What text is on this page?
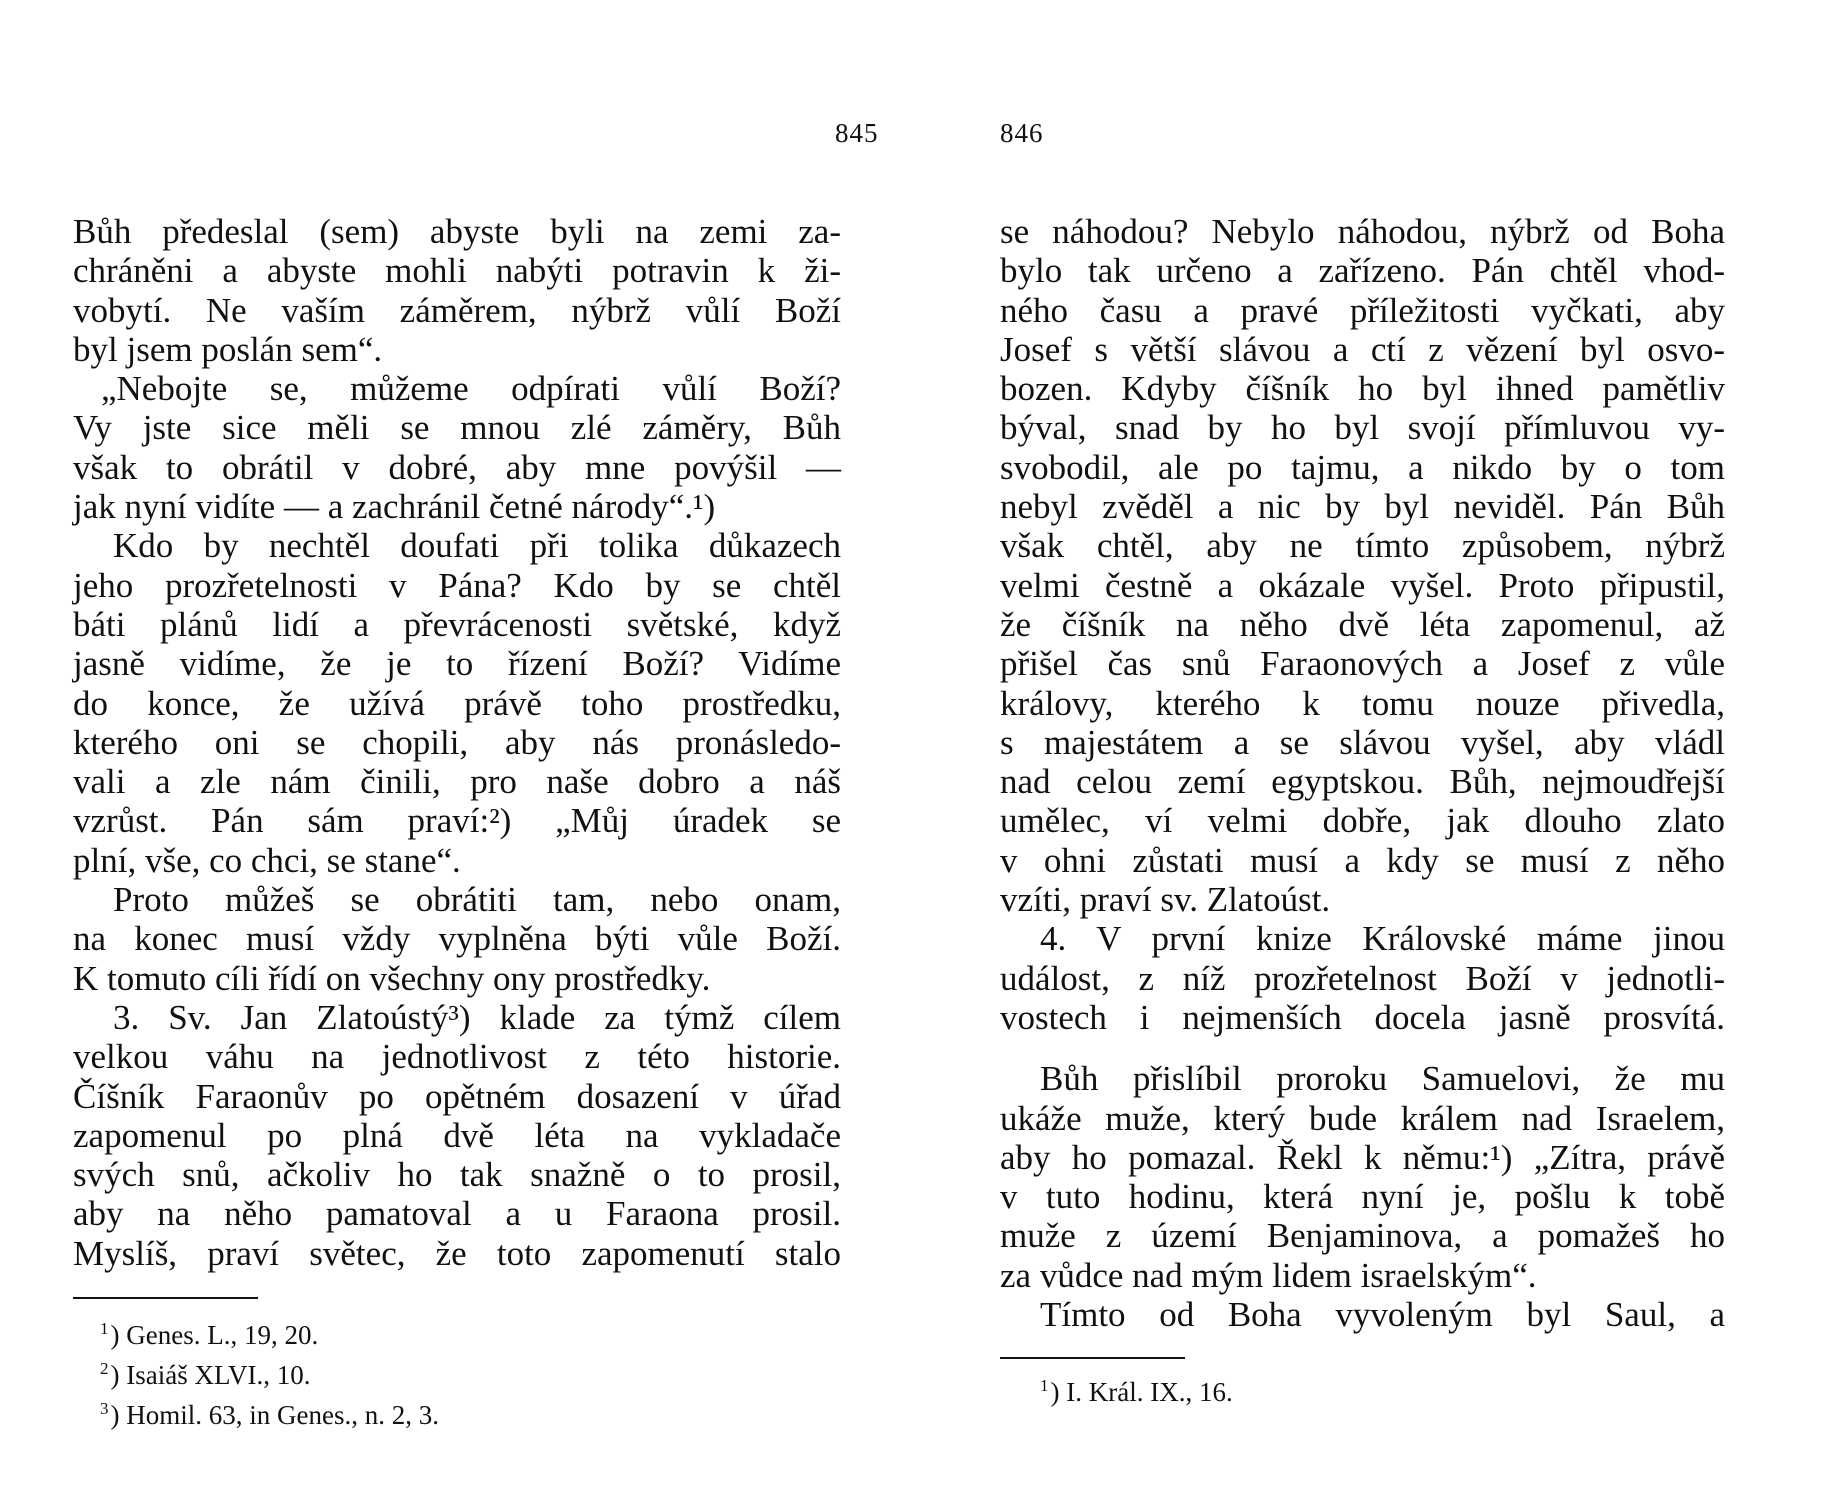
845
Bůh předeslal (sem) abyste byli na zemi za-
chráněni a abyste mohli nabýti potravin k ži-
vobytí. Ne vaším záměrem, nýbrž vůlí Boží
byl jsem poslán sem“.
„Nebojte se, můžeme odpírati vůlí Boží?
Vy jste sice měli se mnou zlé záměry, Bůh
však to obrátil v dobré, aby mne povýšil —
jak nyní vidíte — a zachránil četné národy“.¹)
Kdo by nechtěl doufati při tolika důkazech
jeho prozřetelnosti v Pána? Kdo by se chtěl
báti plánů lidí a převrácenosti světské, když
jasně vidíme, že je to řízení Boží? Vidíme
do konce, že užívá právě toho prostředku,
kterého oni se chopili, aby nás pronásledo-
vali a zle nám činili, pro naše dobro a náš
vzrůst. Pán sám praví:²) „Můj úradek se
plní, vše, co chci, se stane“.
Proto můžeš se obrátiti tam, nebo onam,
na konec musí vždy vyplněna býti vůle Boží.
K tomuto cíli řídí on všechny ony prostředky.
3. Sv. Jan Zlatoústý³) klade za týmž cílem
velkou váhu na jednotlivost z této historie.
Číšník Faraonův po opětném dosazení v úřad
zapomenul po plná dvě léta na vykladače
svých snů, ačkoliv ho tak snažně o to prosil,
aby na něho pamatoval a u Faraona prosil.
Myslíš, praví světec, že toto zapomenutí stalo
$^1$) Genes. L., 19, 20.
$^2$) Isaiáš XLVI., 10.
$^3$) Homil. 63, in Genes., n. 2, 3.
846
se náhodou? Nebylo náhodou, nýbrž od Boha
bylo tak určeno a zařízeno. Pán chtěl vhod-
ného času a pravé příležitosti vyčkati, aby
Josef s větší slávou a ctí z vězení byl osvo-
bozen. Kdyby číšník ho byl ihned pamětliv
býval, snad by ho byl svojí přímluvou vy-
svobodil, ale po tajmu, a nikdo by o tom
nebyl zvěděl a nic by byl neviděl. Pán Bůh
však chtěl, aby ne tímto způsobem, nýbrž
velmi čestně a okázale vyšel. Proto připustil,
že číšník na něho dvě léta zapomenul, až
přišel čas snů Faraonových a Josef z vůle
královy, kterého k tomu nouze přivedla,
s majestátem a se slávou vyšel, aby vládl
nad celou zemí egyptskou. Bůh, nejmoudřejší
umělec, ví velmi dobře, jak dlouho zlato
v ohni zůstati musí a kdy se musí z něho
vzíti, praví sv. Zlatoúst.
4. V první knize Královské máme jinou
událost, z níž prozřetelnost Boží v jednotli-
vostech i nejmenších docela jasně prosvítá.
Bůh přislíbil proroku Samuelovi, že mu
ukáže muže, který bude králem nad Israelem,
aby ho pomazal. Řekl k němu:¹) „Zítra, právě
v tuto hodinu, která nyní je, pošlu k tobě
muže z území Benjaminova, a pomažeš ho
za vůdce nad mým lidem israelským“.
Tímto od Boha vyvoleným byl Saul, a
$^1$) I. Král. IX., 16.
